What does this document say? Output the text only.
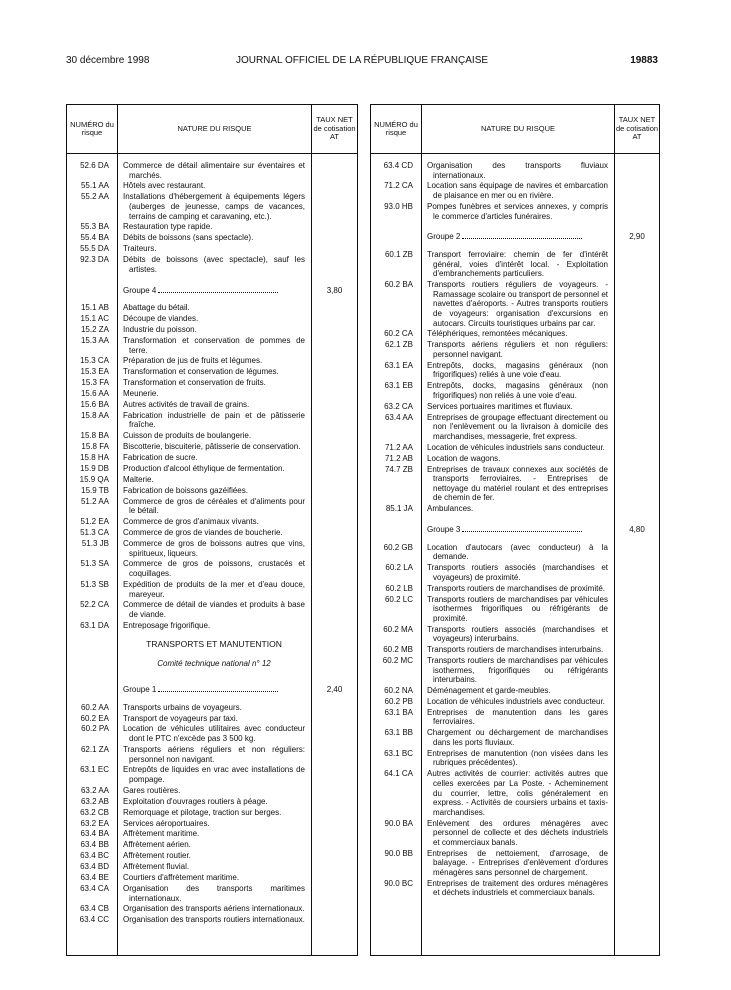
30 décembre 1998	JOURNAL OFFICIEL DE LA RÉPUBLIQUE FRANÇAISE	19883
NUMÉRO du risque	NATURE DU RISQUE
TAUX NET de cotisation AT
52.6 DA Commerce de détail alimentaire sur éventaires et marchés.
55.1 AA Hôtels avec restaurant.
55.2 AA Installations d'hébergement à équipements légers (auberges de jeunesse, camps de vacances, terrains de camping et caravaning, etc.).
55.3 BA Restauration type rapide.
55.4 BA Débits de boissons (sans spectacle).
55.5 DA Traiteurs.
92.3 DA Débits de boissons (avec spectacle), sauf les artistes.
Groupe 4	3,80
15.1 AB Abattage du bétail.
15.1 AC Découpe de viandes.
15.2 ZA Industrie du poisson.
15.3 AA Transformation et conservation de pommes de terre.
15.3 CA Préparation de jus de fruits et légumes.
15.3 EA Transformation et conservation de légumes.
15.3 FA Transformation et conservation de fruits.
15.6 AA Meunerie.
15.6 BA Autres activités de travail de grains.
15.8 AA Fabrication industrielle de pain et de pâtisserie fraîche.
15.8 BA Cuisson de produits de boulangerie.
15.8 FA Biscotterie, biscuiterie, pâtisserie de conservation.
15.8 HA Fabrication de sucre.
15.9 DB Production d'alcool éthylique de fermentation.
15.9 QA Malterie.
15.9 TB Fabrication de boissons gazéifiées.
51.2 AA Commerce de gros de céréales et d'aliments pour le bétail.
51.2 EA Commerce de gros d'animaux vivants.
51.3 CA Commerce de gros de viandes de boucherie.
51.3 JB Commerce de gros de boissons autres que vins, spiritueux, liqueurs.
51.3 SA Commerce de gros de poissons, crustacés et coquillages.
51.3 SB Expédition de produits de la mer et d'eau douce, mareyeur.
52.2 CA Commerce de détail de viandes et produits à base de viande.
63.1 DA Entreposage frigorifique.
TRANSPORTS ET MANUTENTION
Comité technique national n° 12
Groupe 1	2,40
60.2 AA Transports urbains de voyageurs.
60.2 EA Transport de voyageurs par taxi.
60.2 PA Location de véhicules utilitaires avec conducteur dont le PTC n'excède pas 3 500 kg.
62.1 ZA Transports aériens réguliers et non réguliers: personnel non navigant.
63.1 EC Entrepôts de liquides en vrac avec installations de pompage.
63.2 AA Gares routières.
63.2 AB Exploitation d'ouvrages routiers à péage.
63.2 CB Remorquage et pilotage, traction sur berges.
63.2 EA Services aéroportuaires.
63.4 BA Affrètement maritime.
63.4 BB Affrètement aérien.
63.4 BC Affrètement routier.
63.4 BD Affrètement fluvial.
63.4 BE Courtiers d'affrètement maritime.
63.4 CA Organisation des transports maritimes internationaux.
63.4 CB Organisation des transports aériens internationaux.
63.4 CC Organisation des transports routiers internationaux.
NUMÉRO du risque	NATURE DU RISQUE
TAUX NET de cotisation AT
63.4 CD Organisation des transports fluviaux internationaux.
71.2 CA Location sans équipage de navires et embarcation de plaisance en mer ou en rivière.
93.0 HB Pompes funèbres et services annexes, y compris le commerce d'articles funéraires.
Groupe 2	2,90
60.1 ZB Transport ferroviaire: chemin de fer d'intérêt général, voies d'intérêt local. - Exploitation d'embranchements particuliers.
60.2 BA Transports routiers réguliers de voyageurs. - Ramassage scolaire ou transport de personnel et navettes d'aéroports. - Autres transports routiers de voyageurs: organisation d'excursions en autocars. Circuits touristiques urbains par car.
60.2 CA Téléphériques, remontées mécaniques.
62.1 ZB Transports aériens réguliers et non réguliers: personnel navigant.
63.1 EA Entrepôts, docks, magasins généraux (non frigorifiques) reliés à une voie d'eau.
63.1 EB Entrepôts, docks, magasins généraux (non frigorifiques) non reliés à une voie d'eau.
63.2 CA Services portuaires maritimes et fluviaux.
63.4 AA Entreprises de groupage effectuant directement ou non l'enlèvement ou la livraison à domicile des marchandises, messagerie, fret express.
71.2 AA Location de véhicules industriels sans conducteur.
71.2 AB Location de wagons.
74.7 ZB Entreprises de travaux connexes aux sociétés de transports ferroviaires. - Entreprises de nettoyage du matériel roulant et des entreprises de chemin de fer.
85.1 JA Ambulances.
Groupe 3	4,80
60.2 GB Location d'autocars (avec conducteur) à la demande.
60.2 LA Transports routiers associés (marchandises et voyageurs) de proximité.
60.2 LB Transports routiers de marchandises de proximité.
60.2 LC Transports routiers de marchandises par véhicules isothermes frigorifiques ou réfrigérants de proximité.
60.2 MA Transports routiers associés (marchandises et voyageurs) interurbains.
60.2 MB Transports routiers de marchandises interurbains.
60.2 MC Transports routiers de marchandises par véhicules isothermes, frigorifiques ou réfrigérants interurbains.
60.2 NA Déménagement et garde-meubles.
60.2 PB Location de véhicules industriels avec conducteur.
63.1 BA Entreprises de manutention dans les gares ferroviaires.
63.1 BB Chargement ou déchargement de marchandises dans les ports fluviaux.
63.1 BC Entreprises de manutention (non visées dans les rubriques précédentes).
64.1 CA Autres activités de courrier: activités autres que celles exercées par La Poste. - Acheminement du courrier, lettre, colis généralement en express. - Activités de coursiers urbains et taxis-marchandises.
90.0 BA Enlèvement des ordures ménagères avec personnel de collecte et des déchets industriels et commerciaux banals.
90.0 BB Entreprises de nettoiement, d'arrosage, de balayage. - Entreprises d'enlèvement d'ordures ménagères sans personnel de chargement.
90.0 BC Entreprises de traitement des ordures ménagères et déchets industriels et commerciaux banals.
